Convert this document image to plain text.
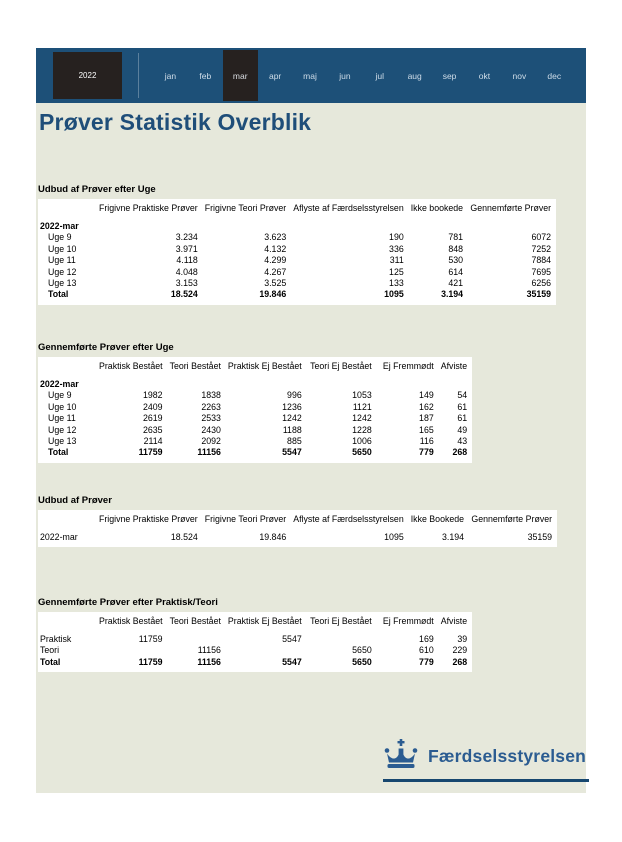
2022	jan	feb	mar	apr	maj	jun	jul	aug	sep	okt	nov	dec
Prøver Statistik Overblik
Udbud af Prøver efter Uge
	Frigivne Praktiske Prøver	Frigivne Teori Prøver	Aflyste af Færdselsstyrelsen	Ikke bookede	Gennemførte Prøver
2022-mar					
Uge 9	3.234	3.623	190	781	6072
Uge 10	3.971	4.132	336	848	7252
Uge 11	4.118	4.299	311	530	7884
Uge 12	4.048	4.267	125	614	7695
Uge 13	3.153	3.525	133	421	6256
Total	18.524	19.846	1095	3.194	35159
Gennemførte Prøver efter Uge
	Praktisk Bestået	Teori Bestået	Praktisk Ej Bestået	Teori Ej Bestået	Ej Fremmødt	Afviste
2022-mar						
Uge 9	1982	1838	996	1053	149	54
Uge 10	2409	2263	1236	1121	162	61
Uge 11	2619	2533	1242	1242	187	61
Uge 12	2635	2430	1188	1228	165	49
Uge 13	2114	2092	885	1006	116	43
Total	11759	11156	5547	5650	779	268
Udbud af Prøver
	Frigivne Praktiske Prøver	Frigivne Teori Prøver	Aflyste af Færdselsstyrelsen	Ikke Bookede	Gennemførte Prøver
2022-mar	18.524	19.846	1095	3.194	35159
Gennemførte Prøver efter Praktisk/Teori
	Praktisk Bestået	Teori Bestået	Praktisk Ej Bestået	Teori Ej Bestået	Ej Fremmødt	Afviste
Praktisk	11759		5547		169	39
Teori		11156		5650	610	229
Total	11759	11156	5547	5650	779	268
Færdselsstyrelsen
